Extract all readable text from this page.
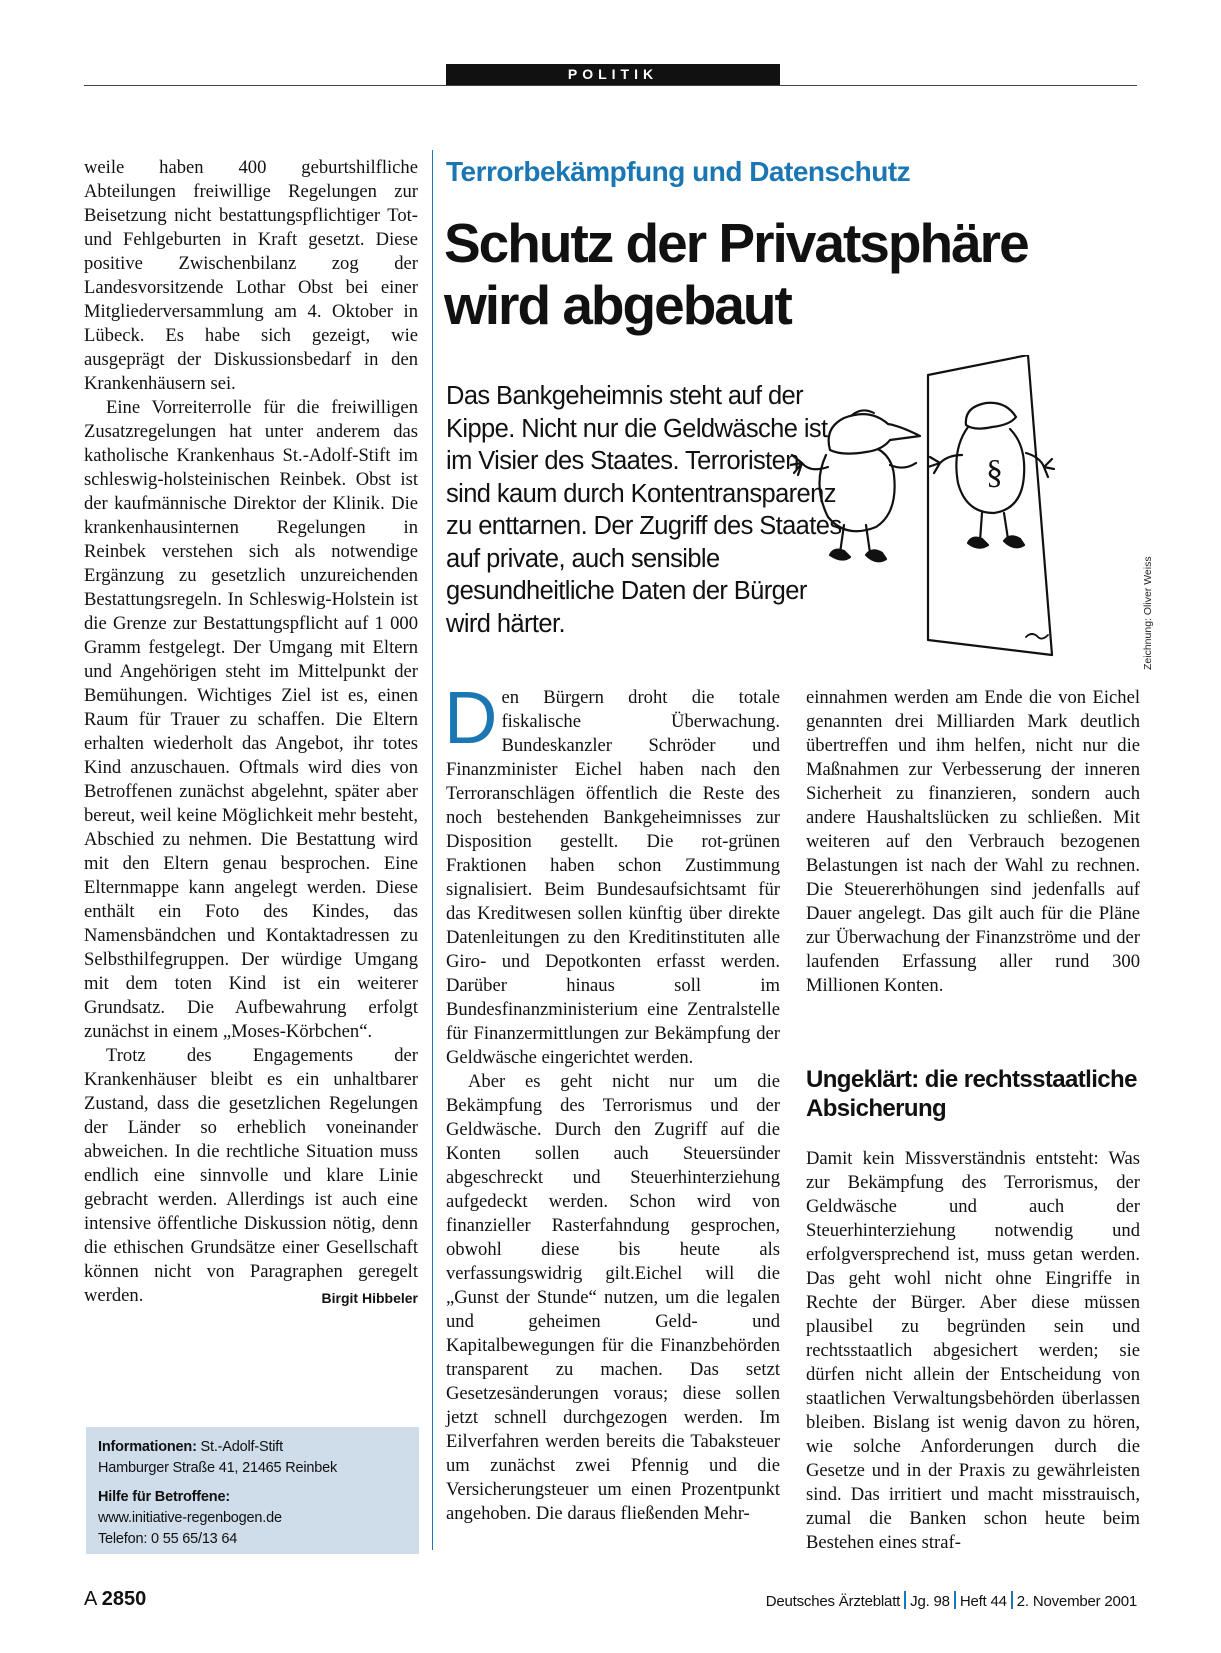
POLITIK

weile haben 400 geburtshilfliche Abteilungen freiwillige Regelungen zur Beisetzung nicht bestattungspflichtiger Tot- und Fehlgeburten in Kraft gesetzt. Diese positive Zwischenbilanz zog der Landesvorsitzende Lothar Obst bei einer Mitgliederversammlung am 4. Oktober in Lübeck. Es habe sich gezeigt, wie ausgeprägt der Diskussionsbedarf in den Krankenhäusern sei.

Eine Vorreiterrolle für die freiwilligen Zusatzregelungen hat unter anderem das katholische Krankenhaus St.-Adolf-Stift im schleswig-holsteinischen Reinbek. Obst ist der kaufmännische Direktor der Klinik. Die krankenhausinternen Regelungen in Reinbek verstehen sich als notwendige Ergänzung zu gesetzlich unzureichenden Bestattungsregeln. In Schleswig-Holstein ist die Grenze zur Bestattungspflicht auf 1 000 Gramm festgelegt. Der Umgang mit Eltern und Angehörigen steht im Mittelpunkt der Bemühungen. Wichtiges Ziel ist es, einen Raum für Trauer zu schaffen. Die Eltern erhalten wiederholt das Angebot, ihr totes Kind anzuschauen. Oftmals wird dies von Betroffenen zunächst abgelehnt, später aber bereut, weil keine Möglichkeit mehr besteht, Abschied zu nehmen. Die Bestattung wird mit den Eltern genau besprochen. Eine Elternmappe kann angelegt werden. Diese enthält ein Foto des Kindes, das Namensbändchen und Kontaktadressen zu Selbsthilfegruppen. Der würdige Umgang mit dem toten Kind ist ein weiterer Grundsatz. Die Aufbewahrung erfolgt zunächst in einem „Moses-Körbchen“.

Trotz des Engagements der Krankenhäuser bleibt es ein unhaltbarer Zustand, dass die gesetzlichen Regelungen der Länder so erheblich voneinander abweichen. In die rechtliche Situation muss endlich eine sinnvolle und klare Linie gebracht werden. Allerdings ist auch eine intensive öffentliche Diskussion nötig, denn die ethischen Grundsätze einer Gesellschaft können nicht von Paragraphen geregelt werden.	Birgit Hibbeler
Informationen: St.-Adolf-Stift
Hamburger Straße 41, 21465 Reinbek
Hilfe für Betroffene:
www.initiative-regenbogen.de
Telefon: 0 55 65/13 64
Terrorbekämpfung und Datenschutz
Schutz der Privatsphäre
wird abgebaut

Das Bankgeheimnis steht auf der Kippe. Nicht nur die Geldwäsche ist im Visier des Staates. Terroristen sind kaum durch Kontentransparenz zu enttarnen. Der Zugriff des Staates auf private, auch sensible gesundheitliche Daten der Bürger wird härter.

§
Zeichnung: Oliver Weiss

Den Bürgern droht die totale fiskalische Überwachung. Bundeskanzler Schröder und Finanzminister Eichel haben nach den Terroranschlägen öffentlich die Reste des noch bestehenden Bankgeheimnisses zur Disposition gestellt. Die rot-grünen Fraktionen haben schon Zustimmung signalisiert. Beim Bundesaufsichtsamt für das Kreditwesen sollen künftig über direkte Datenleitungen zu den Kreditinstituten alle Giro- und Depotkonten erfasst werden. Darüber hinaus soll im Bundesfinanzministerium eine Zentralstelle für Finanzermittlungen zur Bekämpfung der Geldwäsche eingerichtet werden.

Aber es geht nicht nur um die Bekämpfung des Terrorismus und der Geldwäsche. Durch den Zugriff auf die Konten sollen auch Steuersünder abgeschreckt und Steuerhinterziehung aufgedeckt werden. Schon wird von finanzieller Rasterfahndung gesprochen, obwohl diese bis heute als verfassungswidrig gilt.Eichel will die „Gunst der Stunde“ nutzen, um die legalen und geheimen Geld- und Kapitalbewegungen für die Finanzbehörden transparent zu machen. Das setzt Gesetzesänderungen voraus; diese sollen jetzt schnell durchgezogen werden. Im Eilverfahren werden bereits die Tabaksteuer um zunächst zwei Pfennig und die Versicherungsteuer um einen Prozentpunkt angehoben. Die daraus fließenden Mehr-

einnahmen werden am Ende die von Eichel genannten drei Milliarden Mark deutlich übertreffen und ihm helfen, nicht nur die Maßnahmen zur Verbesserung der inneren Sicherheit zu finanzieren, sondern auch andere Haushaltslücken zu schließen. Mit weiteren auf den Verbrauch bezogenen Belastungen ist nach der Wahl zu rechnen. Die Steuererhöhungen sind jedenfalls auf Dauer angelegt. Das gilt auch für die Pläne zur Überwachung der Finanzströme und der laufenden Erfassung aller rund 300 Millionen Konten.

Ungeklärt: die rechtsstaatliche Absicherung

Damit kein Missverständnis entsteht: Was zur Bekämpfung des Terrorismus, der Geldwäsche und auch der Steuerhinterziehung notwendig und erfolgversprechend ist, muss getan werden. Das geht wohl nicht ohne Eingriffe in Rechte der Bürger. Aber diese müssen plausibel zu begründen sein und rechtsstaatlich abgesichert werden; sie dürfen nicht allein der Entscheidung von staatlichen Verwaltungsbehörden überlassen bleiben. Bislang ist wenig davon zu hören, wie solche Anforderungen durch die Gesetze und in der Praxis zu gewährleisten sind. Das irritiert und macht misstrauisch, zumal die Banken schon heute beim Bestehen eines straf-

A 2850	Deutsches Ärzteblatt Jg. 98 Heft 44 2. November 2001
